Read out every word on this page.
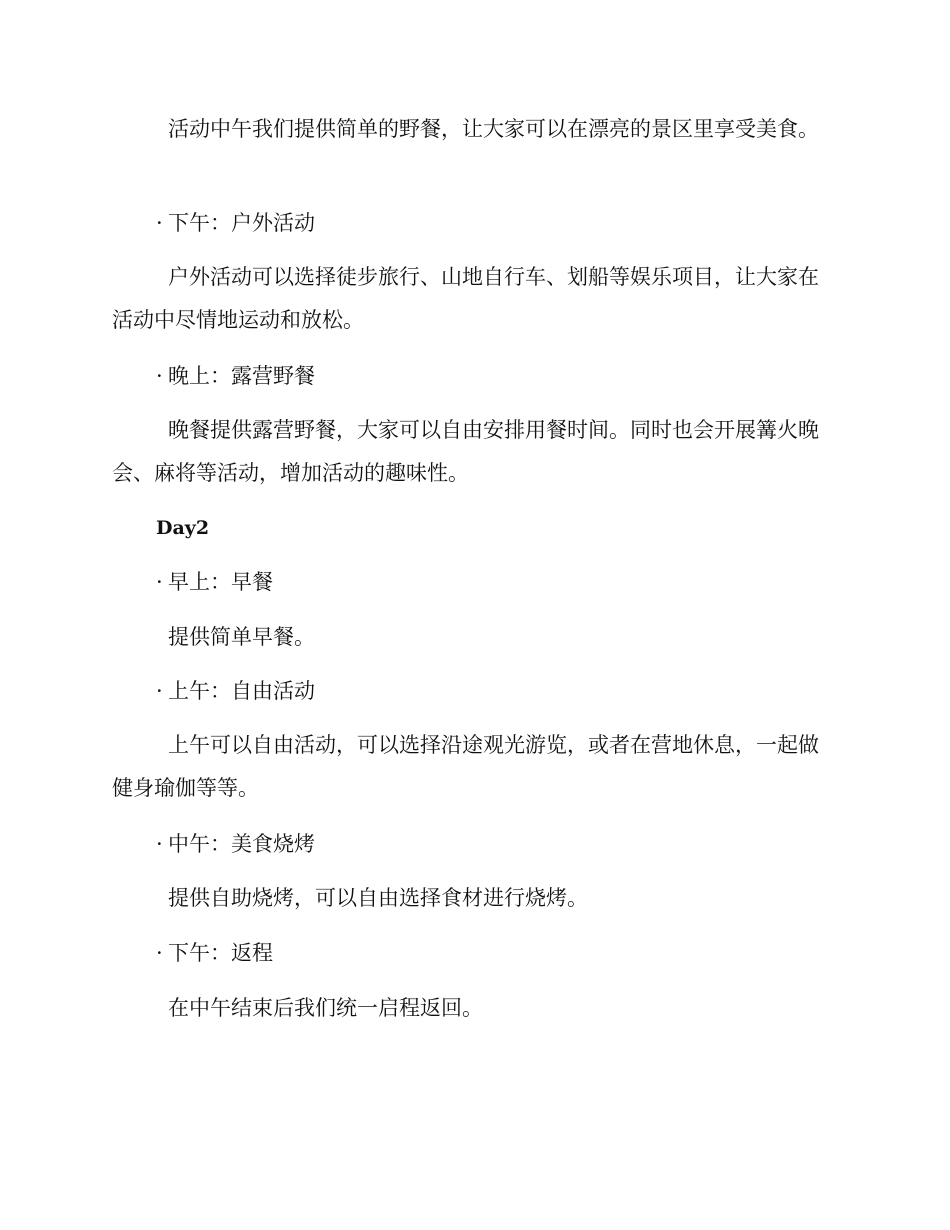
活动中午我们提供简单的野餐，让大家可以在漂亮的景区里享受美食。

· 下午：户外活动

户外活动可以选择徒步旅行、山地自行车、划船等娱乐项目，让大家在活动中尽情地运动和放松。

· 晚上：露营野餐

晚餐提供露营野餐，大家可以自由安排用餐时间。同时也会开展篝火晚会、麻将等活动，增加活动的趣味性。

Day2
· 早上：早餐

提供简单早餐。

· 上午：自由活动

上午可以自由活动，可以选择沿途观光游览，或者在营地休息，一起做健身瑜伽等等。

· 中午：美食烧烤

提供自助烧烤，可以自由选择食材进行烧烤。

· 下午：返程

在中午结束后我们统一启程返回。
